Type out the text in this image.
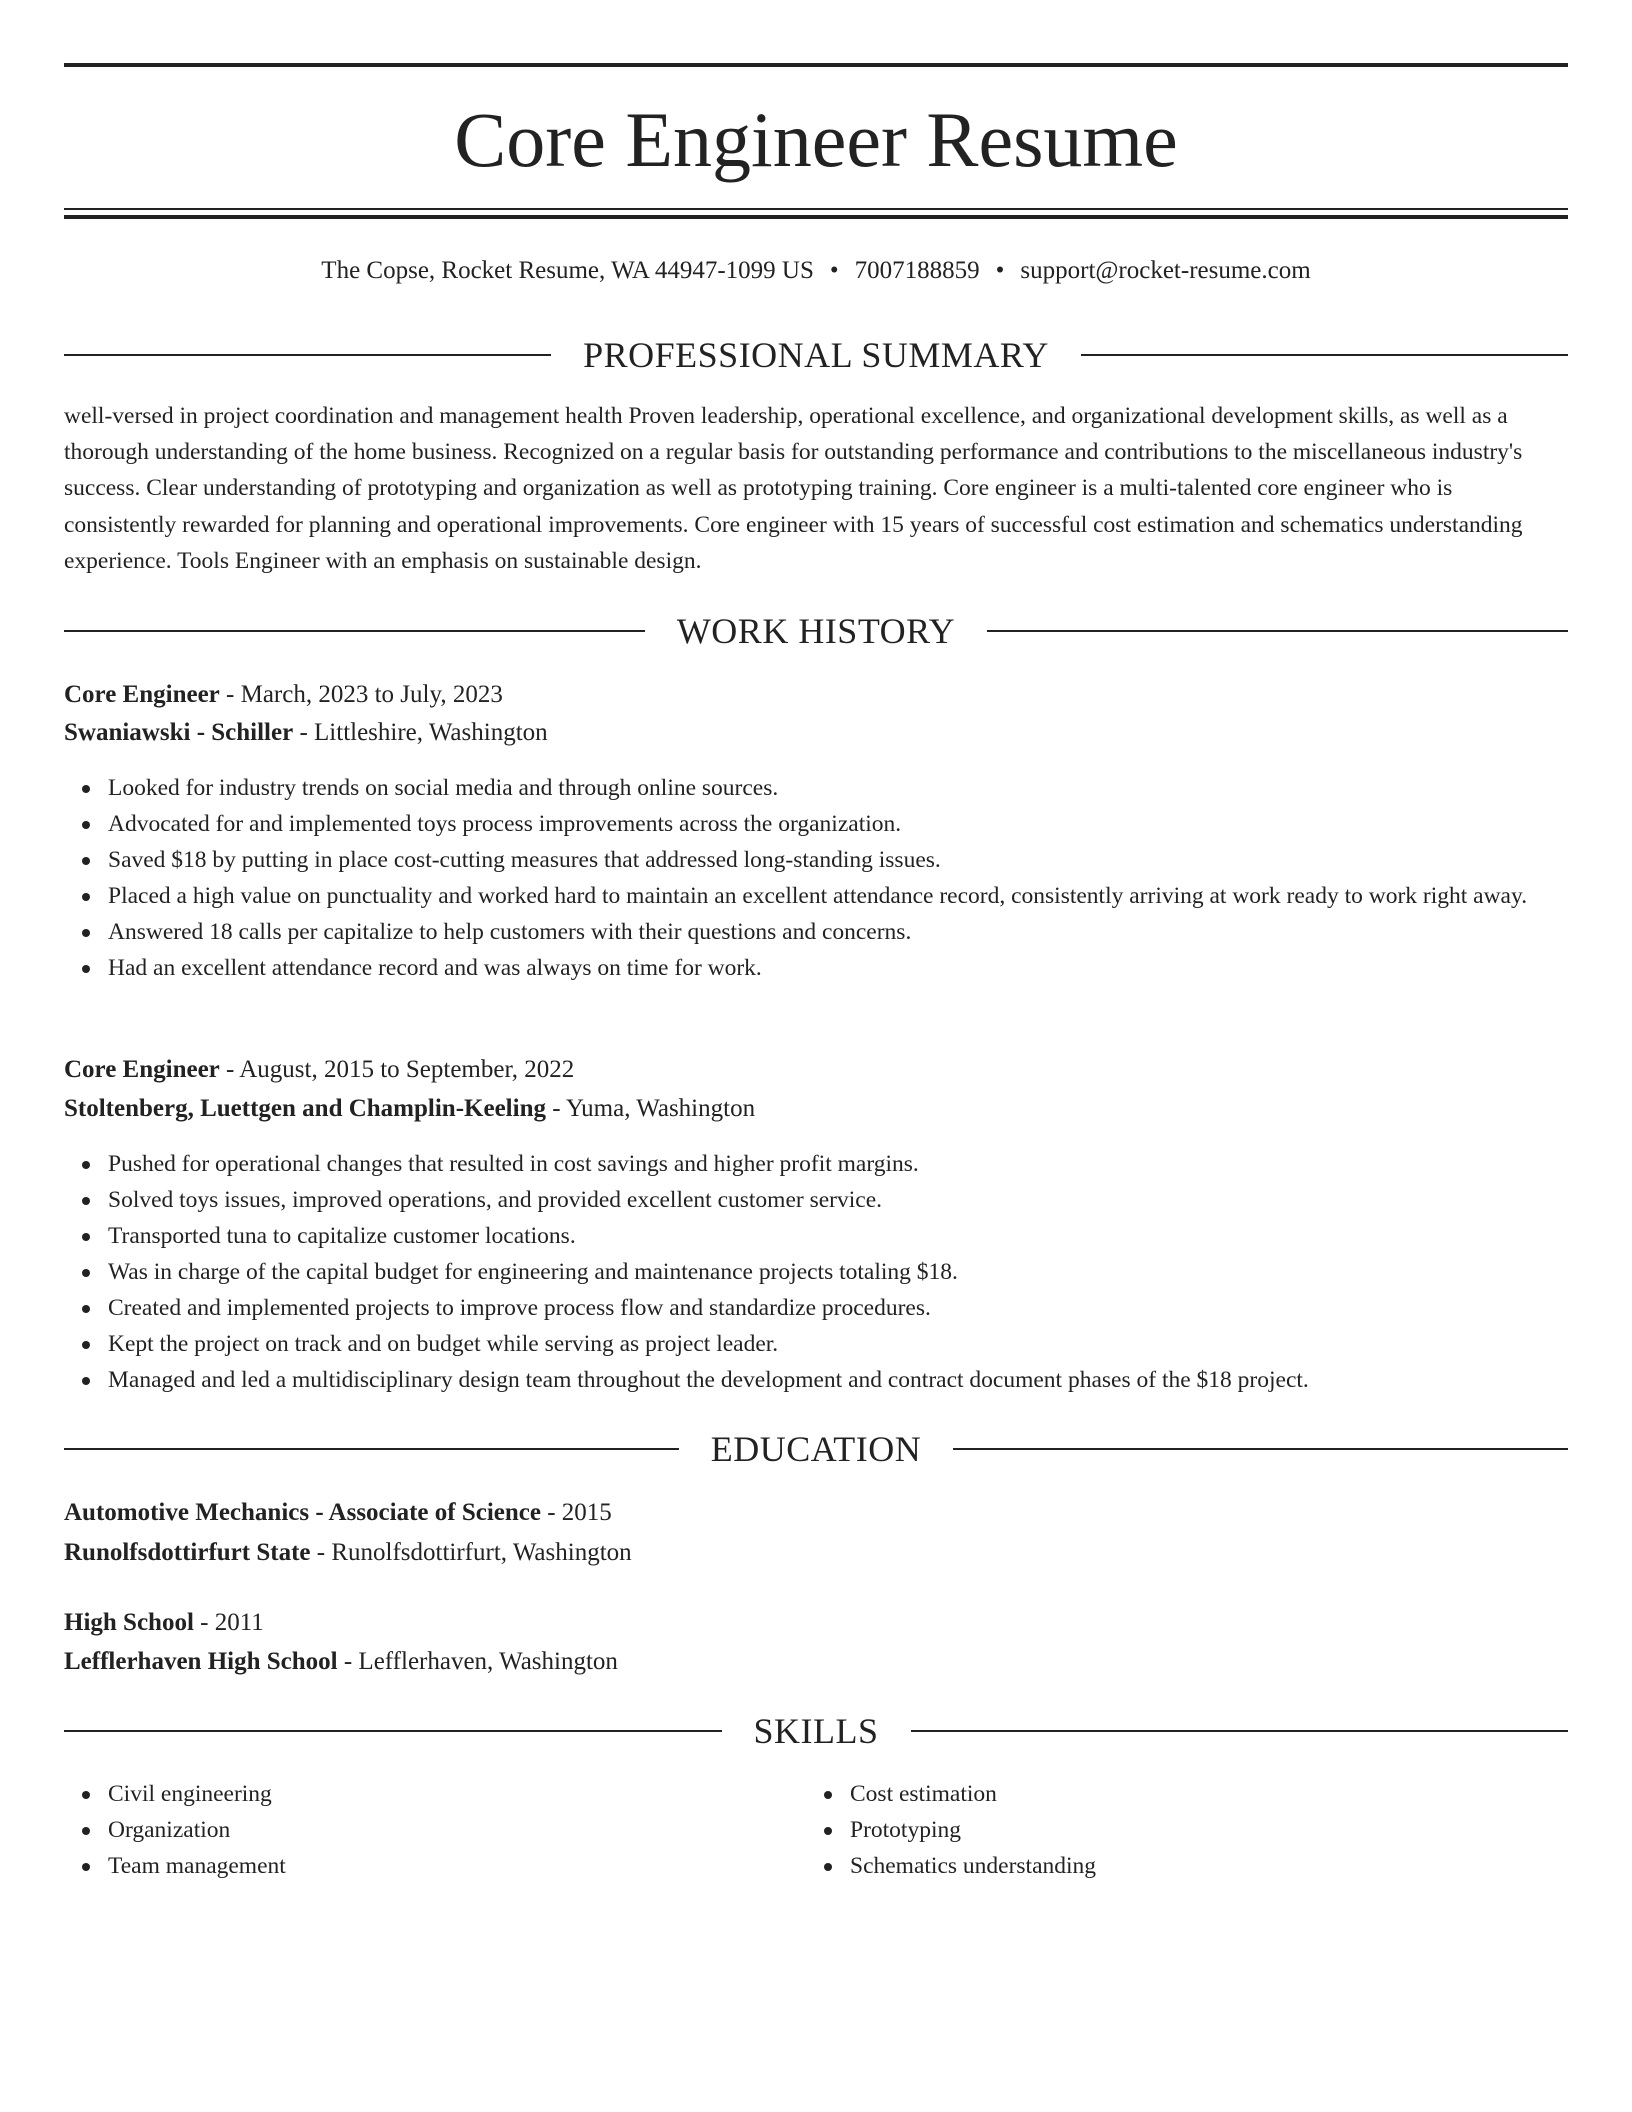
Core Engineer Resume
The Copse, Rocket Resume, WA 44947-1099 US • 7007188859 • support@rocket-resume.com
PROFESSIONAL SUMMARY

well-versed in project coordination and management health Proven leadership, operational excellence, and organizational development skills, as well as a thorough understanding of the home business. Recognized on a regular basis for outstanding performance and contributions to the miscellaneous industry's success. Clear understanding of prototyping and organization as well as prototyping training. Core engineer is a multi-talented core engineer who is consistently rewarded for planning and operational improvements. Core engineer with 15 years of successful cost estimation and schematics understanding experience. Tools Engineer with an emphasis on sustainable design.

WORK HISTORY
Core Engineer - March, 2023 to July, 2023
Swaniawski - Schiller - Littleshire, Washington
Looked for industry trends on social media and through online sources.
Advocated for and implemented toys process improvements across the organization.
Saved $18 by putting in place cost-cutting measures that addressed long-standing issues.
Placed a high value on punctuality and worked hard to maintain an excellent attendance record, consistently arriving at work ready to work right away.
Answered 18 calls per capitalize to help customers with their questions and concerns.
Had an excellent attendance record and was always on time for work.
Core Engineer - August, 2015 to September, 2022
Stoltenberg, Luettgen and Champlin-Keeling - Yuma, Washington
Pushed for operational changes that resulted in cost savings and higher profit margins.
Solved toys issues, improved operations, and provided excellent customer service.
Transported tuna to capitalize customer locations.
Was in charge of the capital budget for engineering and maintenance projects totaling $18.
Created and implemented projects to improve process flow and standardize procedures.
Kept the project on track and on budget while serving as project leader.
Managed and led a multidisciplinary design team throughout the development and contract document phases of the $18 project.
EDUCATION
Automotive Mechanics - Associate of Science - 2015
Runolfsdottirfurt State - Runolfsdottirfurt, Washington
High School - 2011
Lefflerhaven High School - Lefflerhaven, Washington
SKILLS
Civil engineering
Organization
Team management
Cost estimation
Prototyping
Schematics understanding
